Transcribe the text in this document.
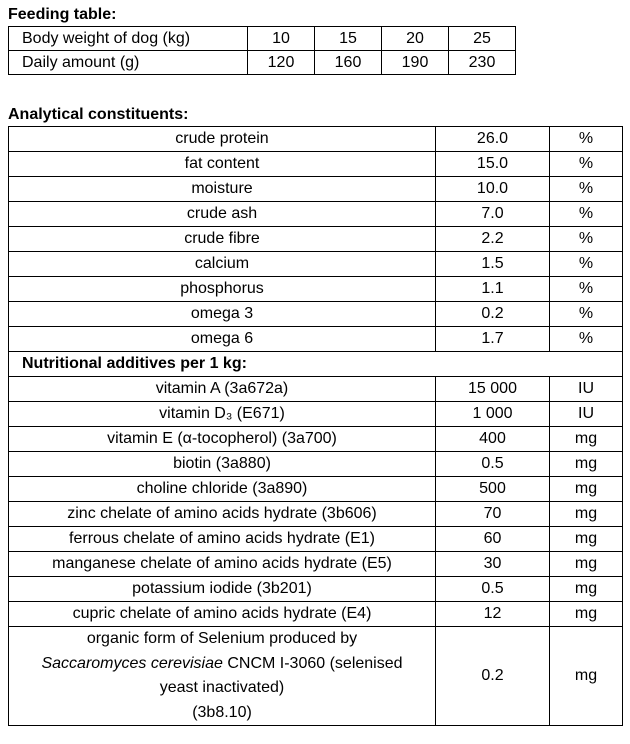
Feeding table:
Body weight of dog (kg)	10	15	20	25
Daily amount (g)	120	160	190	230
Analytical constituents:
crude protein	26.0	%
fat content	15.0	%
moisture	10.0	%
crude ash	7.0	%
crude fibre	2.2	%
calcium	1.5	%
phosphorus	1.1	%
omega 3	0.2	%
omega 6	1.7	%
Nutritional additives per 1 kg:		
vitamin A (3a672a)	15 000	IU
vitamin D₃ (E671)	1 000	IU
vitamin E (α-tocopherol) (3a700)	400	mg
biotin (3a880)	0.5	mg
choline chloride (3a890)	500	mg
zinc chelate of amino acids hydrate (3b606)	70	mg
ferrous chelate of amino acids hydrate (E1)	60	mg
manganese chelate of amino acids hydrate (E5)	30	mg
potassium iodide (3b201)	0.5	mg
cupric chelate of amino acids hydrate (E4)	12	mg

organic form of Selenium produced by
Saccaromyces cerevisiae CNCM I-3060 (selenised
yeast inactivated)
(3b8.10)	0.2	mg
